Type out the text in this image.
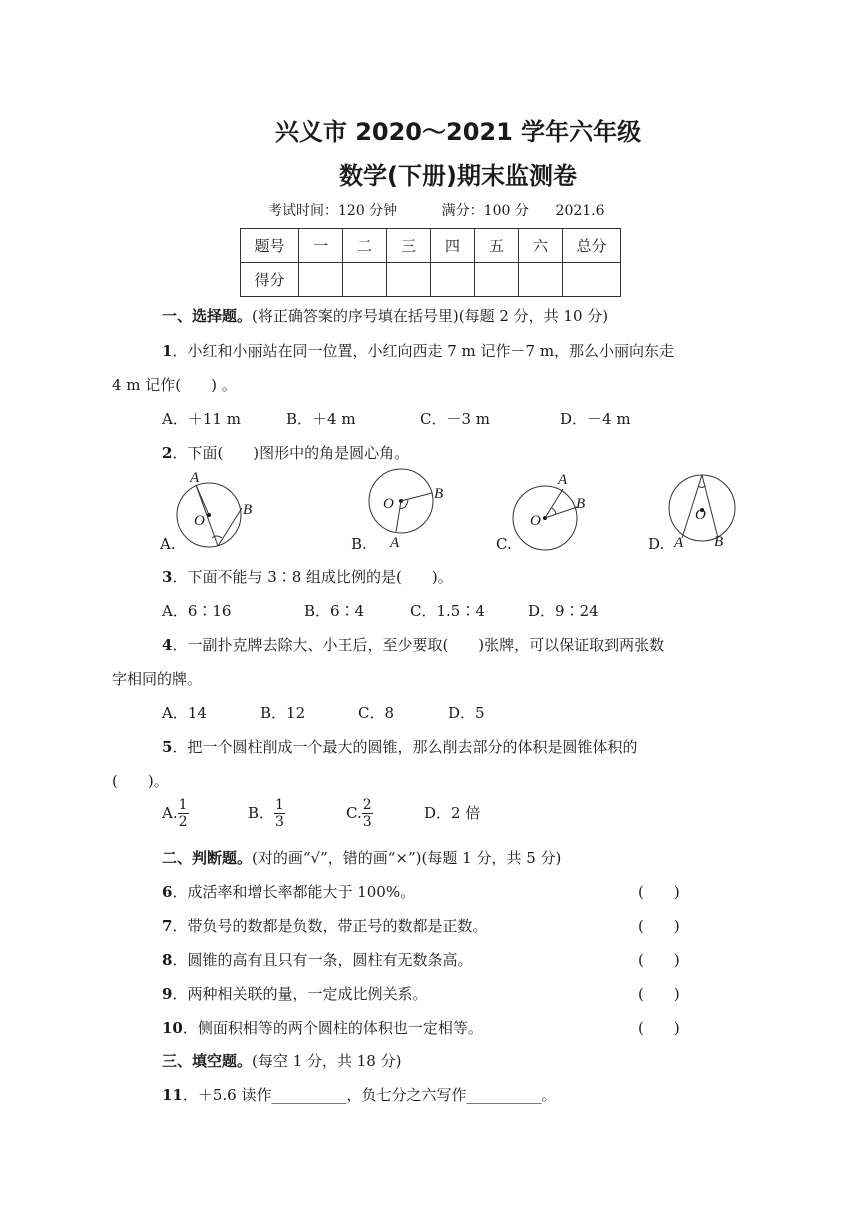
兴义市 2020～2021 学年六年级
数学(下册)期末监测卷
考试时间：120 分钟          满分：100 分      2021.6
题号	一	二	三	四	五	六	总分
得分							
一、选择题。(将正确答案的序号填在括号里)(每题 2 分，共 10 分)
1．小红和小丽站在同一位置，小红向西走 7 m 记作－7 m，那么小丽向东走
4 m 记作(　　) 。
A．＋11 m	B．＋4 m	C．－3 m	D．－4 m
2．下面(　　)图形中的角是圆心角。
A.
A
B
O
B.
O
B
A	C.
O
A
B
D.
O
A B
3．下面不能与 3∶8 组成比例的是(　　)。
A．6∶16	B．6∶4	C．1.5∶4	D．9∶24
4．一副扑克牌去除大、小王后，至少要取(　　)张牌，可以保证取到两张数
字相同的牌。
A．14	B．12	C．8	D．5
5．把一个圆柱削成一个最大的圆锥，那么削去部分的体积是圆锥体积的
(　　)。
A. $\frac{1}{2}$	B． $\frac{1}{3}$	C. $\frac{2}{3}$	D．2 倍
二、判断题。(对的画“√”，错的画“×”)(每题 1 分，共 5 分)
6．成活率和增长率都能大于 100%。	(　　)
7．带负号的数都是负数，带正号的数都是正数。	(　　)
8．圆锥的高有且只有一条，圆柱有无数条高。	(　　)
9．两种相关联的量，一定成比例关系。	(　　)
10．侧面积相等的两个圆柱的体积也一定相等。	(　　)
三、填空题。(每空 1 分，共 18 分)
11．＋5.6 读作__________，负七分之六写作__________。
